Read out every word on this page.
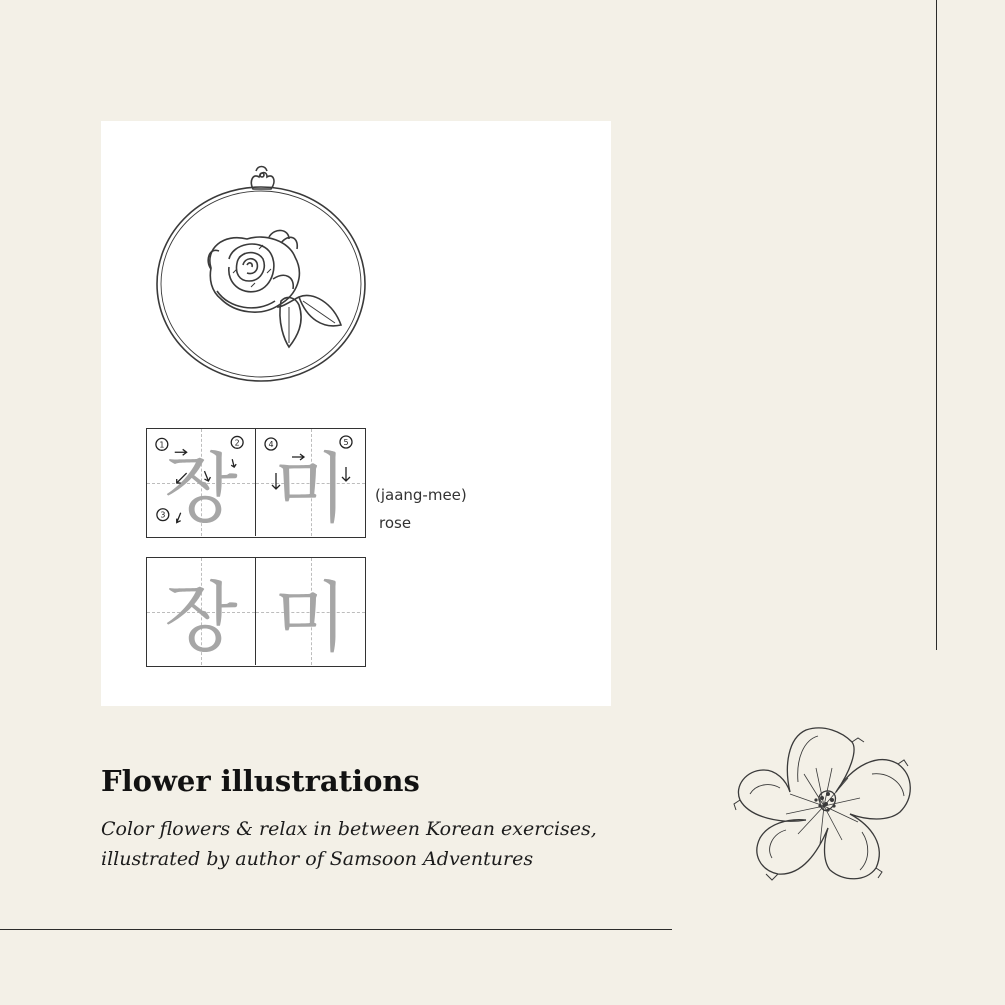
장
1	2
3 미
4	5
(jaang-mee)
rose
장 미
Flower illustrations
Color flowers & relax in between Korean exercises,
illustrated by author of Samsoon Adventures
